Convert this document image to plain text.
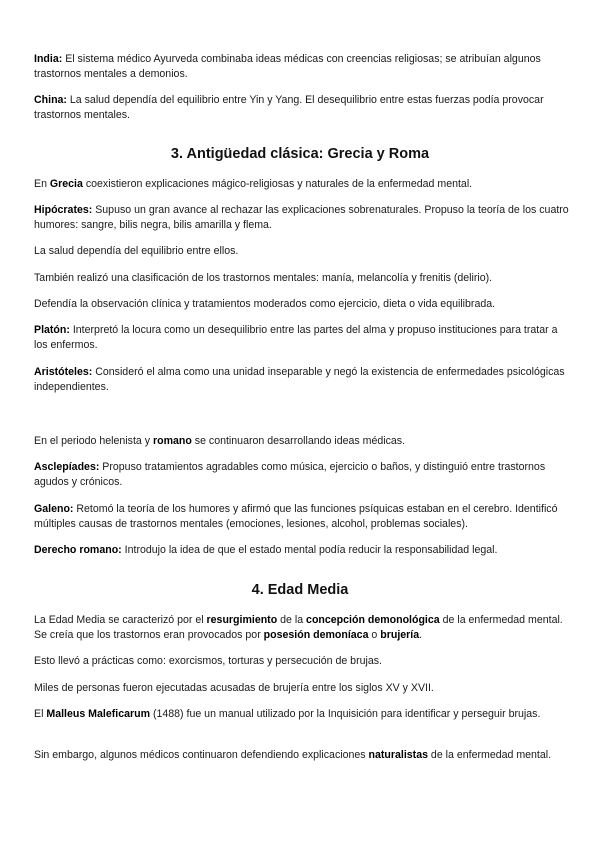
India: El sistema médico Ayurveda combinaba ideas médicas con creencias religiosas; se atribuían algunos trastornos mentales a demonios.

China: La salud dependía del equilibrio entre Yin y Yang. El desequilibrio entre estas fuerzas podía provocar trastornos mentales.

3. Antigüedad clásica: Grecia y Roma

En Grecia coexistieron explicaciones mágico-religiosas y naturales de la enfermedad mental.

Hipócrates: Supuso un gran avance al rechazar las explicaciones sobrenaturales. Propuso la teoría de los cuatro humores: sangre, bilis negra, bilis amarilla y flema.

La salud dependía del equilibrio entre ellos.

También realizó una clasificación de los trastornos mentales: manía, melancolía y frenitis (delirio).

Defendía la observación clínica y tratamientos moderados como ejercicio, dieta o vida equilibrada.

Platón: Interpretó la locura como un desequilibrio entre las partes del alma y propuso instituciones para tratar a los enfermos.

Aristóteles: Consideró el alma como una unidad inseparable y negó la existencia de enfermedades psicológicas independientes.

En el periodo helenista y romano se continuaron desarrollando ideas médicas.

Asclepíades: Propuso tratamientos agradables como música, ejercicio o baños, y distinguió entre trastornos agudos y crónicos.

Galeno: Retomó la teoría de los humores y afirmó que las funciones psíquicas estaban en el cerebro. Identificó múltiples causas de trastornos mentales (emociones, lesiones, alcohol, problemas sociales).

Derecho romano: Introdujo la idea de que el estado mental podía reducir la responsabilidad legal.

4. Edad Media

La Edad Media se caracterizó por el resurgimiento de la concepción demonológica de la enfermedad mental. Se creía que los trastornos eran provocados por posesión demoníaca o brujería.

Esto llevó a prácticas como: exorcismos, torturas y persecución de brujas.

Miles de personas fueron ejecutadas acusadas de brujería entre los siglos XV y XVII.

El Malleus Maleficarum (1488) fue un manual utilizado por la Inquisición para identificar y perseguir brujas.

Sin embargo, algunos médicos continuaron defendiendo explicaciones naturalistas de la enfermedad mental.
